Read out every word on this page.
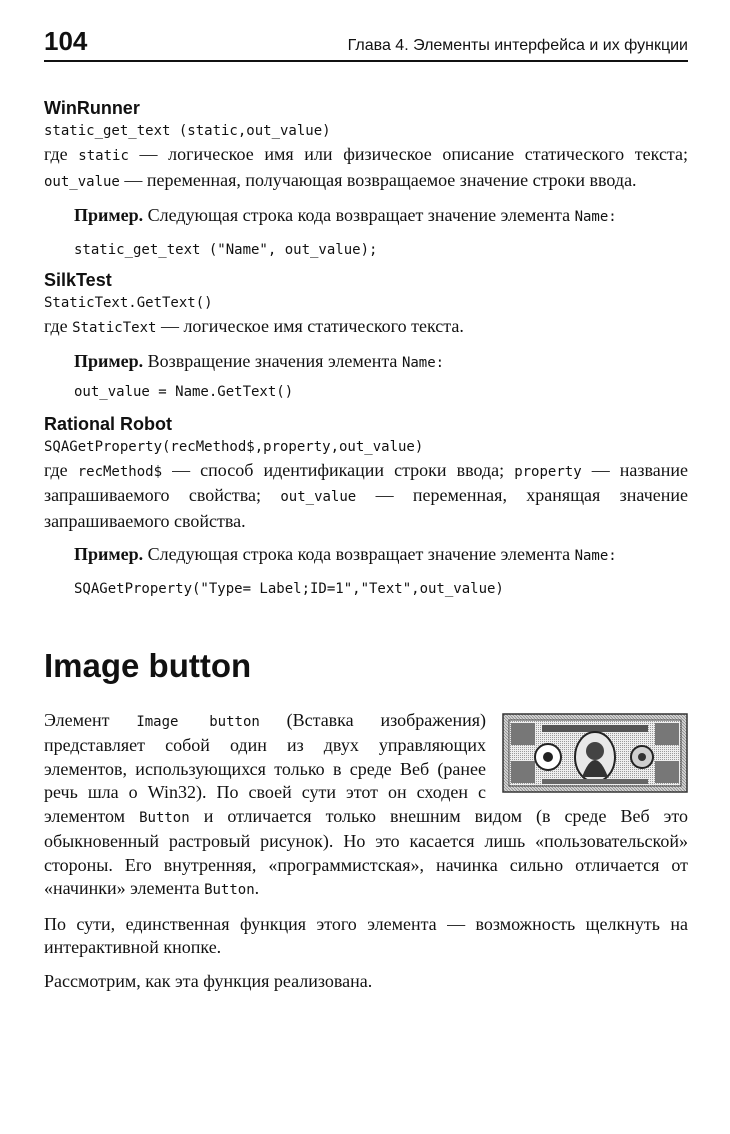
104	Глава 4. Элементы интерфейса и их функции
WinRunner
static_get_text (static,out_value)

где static — логическое имя или физическое описание статического текста; out_value — переменная, получающая возвращаемое значение строки ввода.

Пример. Следующая строка кода возвращает значение элемента Name:

static_get_text ("Name", out_value);
SilkTest
StaticText.GetText()

где StaticText — логическое имя статического текста.

Пример. Возвращение значения элемента Name:

out_value = Name.GetText()
Rational Robot
SQAGetProperty(recMethod$,property,out_value)

где recMethod$ — способ идентификации строки ввода; property — название запрашиваемого свойства; out_value — переменная, хранящая значение запрашиваемого свойства.

Пример. Следующая строка кода возвращает значение элемента Name:

SQAGetProperty("Type= Label;ID=1","Text",out_value)
Image button

Элемент Image button (Вставка изображения) представляет собой один из двух управляющих элементов, использующихся только в среде Веб (ранее речь шла о Win32). По своей сути этот он сходен с элементом Button и отличается только внешним видом (в среде Веб это обыкновенный растровый рисунок). Но это касается лишь «пользовательской» стороны. Его внутренняя, «программистская», начинка сильно отличается от «начинки» элемента Button.

По сути, единственная функция этого элемента — возможность щелкнуть на интерактивной кнопке.

Рассмотрим, как эта функция реализована.
